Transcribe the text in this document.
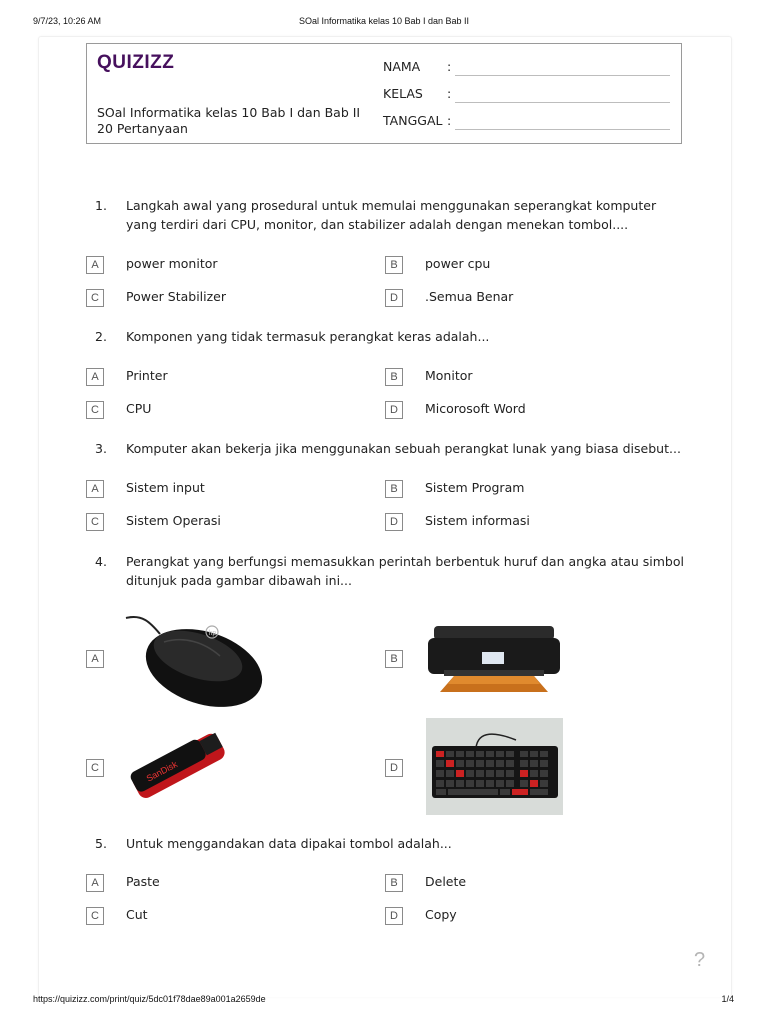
9/7/23, 10:26 AM	SOal Informatika kelas 10 Bab I dan Bab II
QUIZIZZ
SOal Informatika kelas 10 Bab I dan Bab II
20 Pertanyaan
NAMA :
KELAS :
TANGGAL :
1. Langkah awal yang prosedural untuk memulai menggunakan seperangkat komputer yang terdiri dari CPU, monitor, dan stabilizer adalah dengan menekan tombol....
A	power monitor	B	power cpu
C	Power Stabilizer	D	.Semua Benar
2. Komponen yang tidak termasuk perangkat keras adalah...
A	Printer	B	Monitor
C	CPU	D	Micorosoft Word
3. Komputer akan bekerja jika menggunakan sebuah perangkat lunak yang biasa disebut...
A	Sistem input	B	Sistem Program
C	Sistem Operasi	D	Sistem informasi
4. Perangkat yang berfungsi memasukkan perintah berbentuk huruf dan angka atau simbol ditunjuk pada gambar dibawah ini...
A
hp
B
C	SanDisk	D
5. Untuk menggandakan data dipakai tombol adalah...
A	Paste	B	Delete
C	Cut	D	Copy
?
https://quizizz.com/print/quiz/5dc01f78dae89a001a2659de	1/4
